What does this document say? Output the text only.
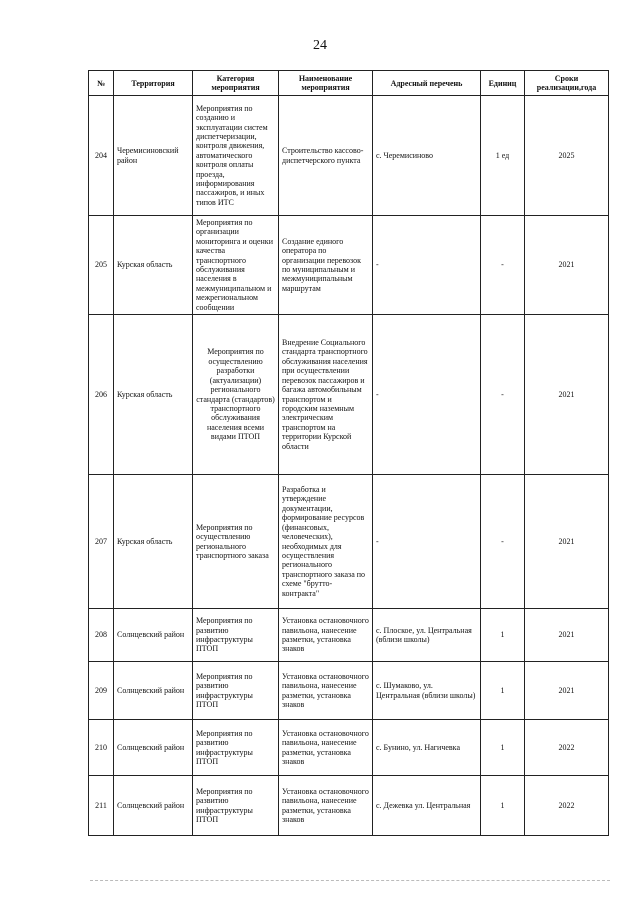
24
№	Территория	Категория мероприятия	Наименование мероприятия	Адресный перечень	Единиц	Сроки реализации,года
204	Черемисиновский район	Мероприятия по созданию и эксплуатации систем диспетчеризации, контроля движения, автоматического контроля оплаты проезда, информирования пассажиров, и иных типов ИТС	Строительство кассово-диспетчерского пункта	с. Черемисиново	1 ед	2025
205	Курская область	Мероприятия по организации мониторинга и оценки качества транспортного обслуживания населения в межмуниципальном и межрегиональном сообщении	Создание единого оператора по организации перевозок по муниципальным и межмуниципальным маршрутам	-	-	2021
206	Курская область	Мероприятия по осуществлению разработки (актуализации) регионального стандарта (стандартов) транспортного обслуживания населения всеми видами ПТОП	Внедрение Социального стандарта транспортного обслуживания населения при осуществлении перевозок пассажиров и багажа автомобильным транспортом и городским наземным электрическим транспортом на территории Курской области	-	-	2021
207	Курская область	Мероприятия по осуществлению регионального транспортного заказа	Разработка и утверждение документации, формирование ресурсов (финансовых, человеческих), необходимых для осуществления регионального транспортного заказа по схеме "брутто-контракта"	-	-	2021
208	Солнцевский район	Мероприятия по развитию инфраструктуры ПТОП	Установка остановочного павильона, нанесение разметки, установка знаков	с. Плоское, ул. Центральная (вблизи школы)	1	2021
209	Солнцевский район	Мероприятия по развитию инфраструктуры ПТОП	Установка остановочного павильона, нанесение разметки, установка знаков	с. Шумаково, ул. Центральная (вблизи школы)	1	2021
210	Солнцевский район	Мероприятия по развитию инфраструктуры ПТОП	Установка остановочного павильона, нанесение разметки, установка знаков	с. Бунино, ул. Нагичевка	1	2022
211	Солнцевский район	Мероприятия по развитию инфраструктуры ПТОП	Установка остановочного павильона, нанесение разметки, установка знаков	с. Дежевка ул. Центральная	1	2022
